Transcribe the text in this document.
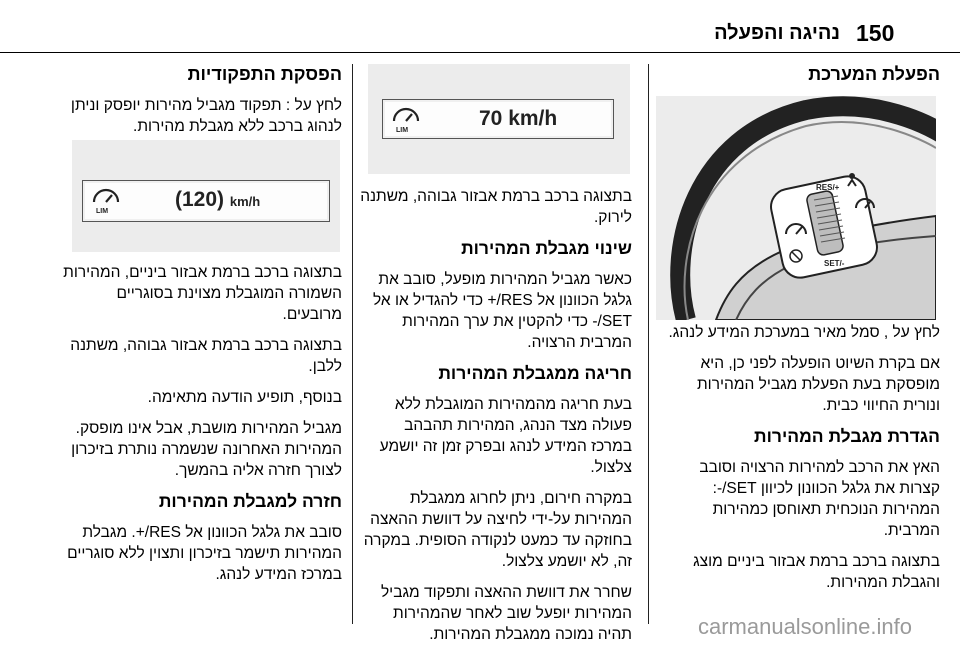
150
נהיגה והפעלה
הפעלת המערכת
RES/+
SET/-

לחץ על , סמל מאיר במערכת המידע לנהג.

אם בקרת השיוט הופעלה לפני כן, היא מופסקת בעת הפעלת מגביל המהירות ונורית החיווי כבית.

הגדרת מגבלת המהירות

האץ את הרכב למהירות הרצויה וסובב קצרות את גלגל הכוונון לכיוון SET/-: המהירות הנוכחית תאוחסן כמהירות המרבית.

בתצוגה ברכב ברמת אבזור ביניים מוצג והגבלת המהירות.

LIM
70 km/h

בתצוגה ברכב ברמת אבזור גבוהה, משתנה לירוק.

שינוי מגבלת המהירות

כאשר מגביל המהירות מופעל, סובב את גלגל הכוונון אל RES/+ כדי להגדיל או אל SET/- כדי להקטין את ערך המהירות המרבית הרצויה.

חריגה ממגבלת המהירות

בעת חריגה מהמהירות המוגבלת ללא פעולה מצד הנהג, המהירות תהבהב במרכז המידע לנהג ובפרק זמן זה יושמע צלצול.

במקרה חירום, ניתן לחרוג ממגבלת המהירות על-ידי לחיצה על דוושת ההאצה בחוזקה עד כמעט לנקודה הסופית. במקרה זה, לא יושמע צלצול.

שחרר את דוושת ההאצה ותפקוד מגביל המהירות יופעל שוב לאחר שהמהירות תהיה נמוכה ממגבלת המהירות.

הפסקת התפקודיות

לחץ על : תפקוד מגביל מהירות יופסק וניתן לנהוג ברכב ללא מגבלת מהירות.

LIM
(120) km/h

בתצוגה ברכב ברמת אבזור ביניים, המהירות השמורה המוגבלת מצוינת בסוגריים מרובעים.

בתצוגה ברכב ברמת אבזור גבוהה, משתנה ללבן.

בנוסף, תופיע הודעה מתאימה.

מגביל המהירות מושבת, אבל אינו מופסק. המהירות האחרונה שנשמרה נותרת בזיכרון לצורך חזרה אליה בהמשך.

חזרה למגבלת המהירות

סובב את גלגל הכוונון אל RES/+. מגבלת המהירות תישמר בזיכרון ותצוין ללא סוגריים במרכז המידע לנהג.

carmanualsonline.info
